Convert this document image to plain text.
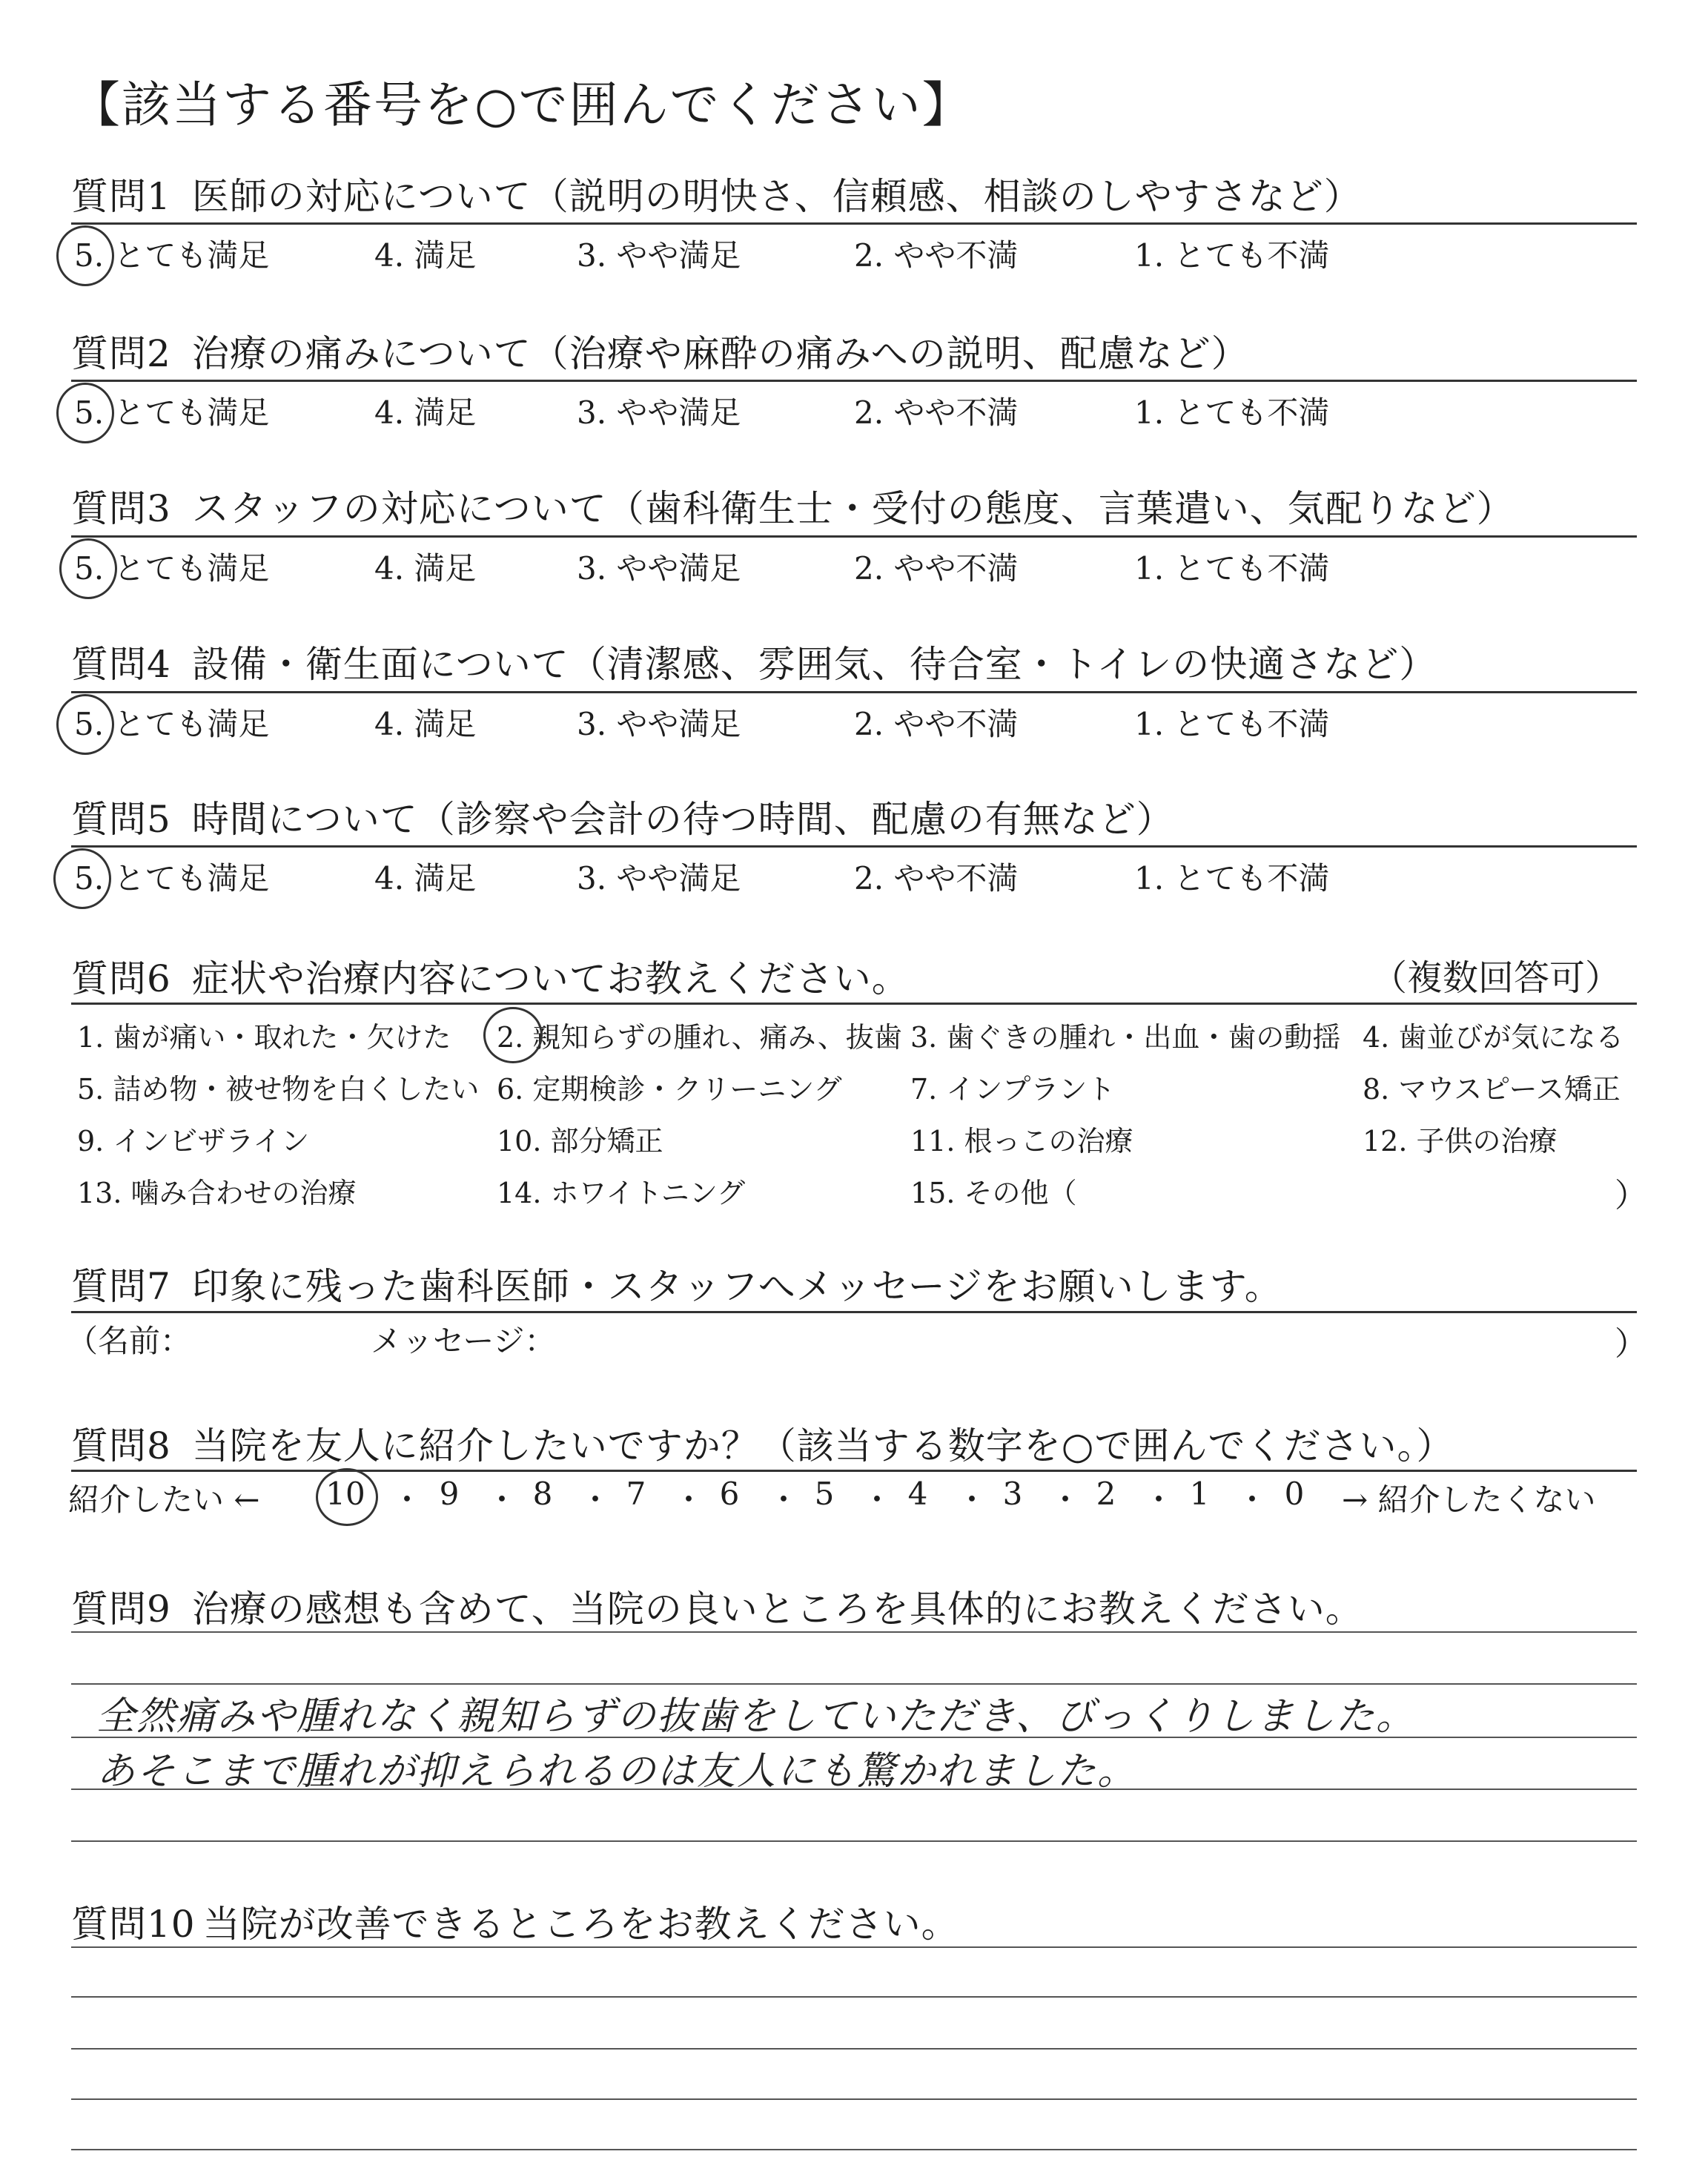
【該当する番号を○で囲んでください】
質問1 医師の対応について（説明の明快さ、信頼感、相談のしやすさなど）
5. とても満足	4. 満足	3. やや満足	2. やや不満	1. とても不満
質問2 治療の痛みについて（治療や麻酔の痛みへの説明、配慮など）
5. とても満足	4. 満足	3. やや満足	2. やや不満	1. とても不満
質問3 スタッフの対応について（歯科衛生士・受付の態度、言葉遣い、気配りなど）
5. とても満足	4. 満足	3. やや満足	2. やや不満	1. とても不満
質問4 設備・衛生面について（清潔感、雰囲気、待合室・トイレの快適さなど）
5. とても満足	4. 満足	3. やや満足	2. やや不満	1. とても不満
質問5 時間について（診察や会計の待つ時間、配慮の有無など）
5. とても満足	4. 満足	3. やや満足	2. やや不満	1. とても不満
質問6 症状や治療内容についてお教えください。	（複数回答可）
1. 歯が痛い・取れた・欠けた 2. 親知らずの腫れ、痛み、抜歯 3. 歯ぐきの腫れ・出血・歯の動揺 4. 歯並びが気になる
5. 詰め物・被せ物を白くしたい 6. 定期検診・クリーニング 7. インプラント	8. マウスピース矯正
9. インビザライン	10. 部分矯正	11. 根っこの治療	12. 子供の治療
13. 噛み合わせの治療	14. ホワイトニング	15. その他（	）
質問7 印象に残った歯科医師・スタッフへメッセージをお願いします。
（名前：	メッセージ：	）
質問8 当院を友人に紹介したいですか？（該当する数字を○で囲んでください。）
紹介したい ← 10 ・ 9 ・ 8 ・ 7 ・ 6 ・ 5 ・ 4 ・ 3 ・ 2 ・ 1 ・ 0	→ 紹介したくない
質問9 治療の感想も含めて、当院の良いところを具体的にお教えください。
全然痛みや腫れなく親知らずの抜歯をしていただき、びっくりしました。
あそこまで腫れが抑えられるのは友人にも驚かれました。
質問10 当院が改善できるところをお教えください。
